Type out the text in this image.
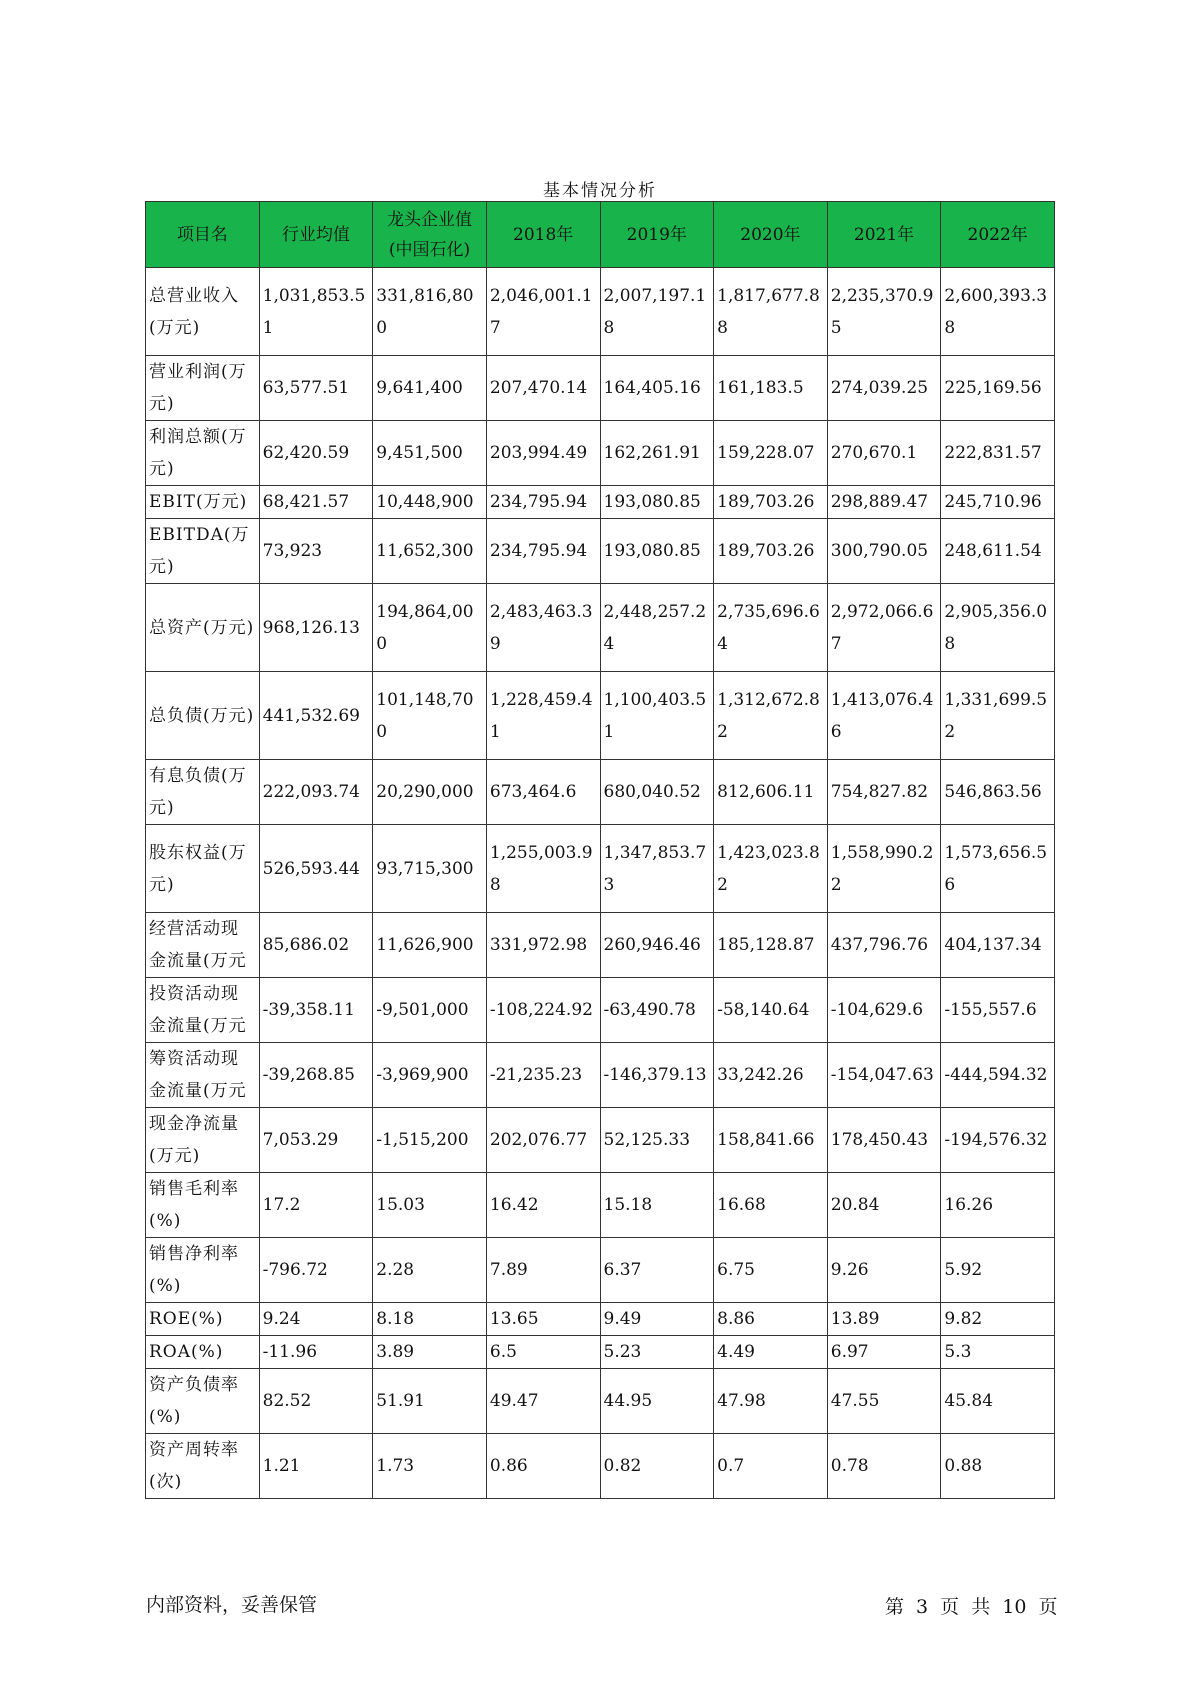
基本情况分析
项目名	行业均值	龙头企业值(中国石化)	2018年	2019年	2020年	2021年	2022年
总营业收入(万元)	1,031,853.51	331,816,800	2,046,001.17	2,007,197.18	1,817,677.88	2,235,370.95	2,600,393.38
营业利润(万元)	63,577.51	9,641,400	207,470.14	164,405.16	161,183.5	274,039.25	225,169.56
利润总额(万元)	62,420.59	9,451,500	203,994.49	162,261.91	159,228.07	270,670.1	222,831.57
EBIT(万元)	68,421.57	10,448,900	234,795.94	193,080.85	189,703.26	298,889.47	245,710.96
EBITDA(万元)	73,923	11,652,300	234,795.94	193,080.85	189,703.26	300,790.05	248,611.54
总资产(万元)	968,126.13	194,864,000	2,483,463.39	2,448,257.24	2,735,696.64	2,972,066.67	2,905,356.08
总负债(万元)	441,532.69	101,148,700	1,228,459.41	1,100,403.51	1,312,672.82	1,413,076.46	1,331,699.52
有息负债(万元)	222,093.74	20,290,000	673,464.6	680,040.52	812,606.11	754,827.82	546,863.56
股东权益(万元)	526,593.44	93,715,300	1,255,003.98	1,347,853.73	1,423,023.82	1,558,990.22	1,573,656.56
经营活动现金流量(万元	85,686.02	11,626,900	331,972.98	260,946.46	185,128.87	437,796.76	404,137.34
投资活动现金流量(万元	-39,358.11	-9,501,000	-108,224.92	-63,490.78	-58,140.64	-104,629.6	-155,557.6
筹资活动现金流量(万元	-39,268.85	-3,969,900	-21,235.23	-146,379.13	33,242.26	-154,047.63	-444,594.32
现金净流量(万元)	7,053.29	-1,515,200	202,076.77	52,125.33	158,841.66	178,450.43	-194,576.32
销售毛利率(%)	17.2	15.03	16.42	15.18	16.68	20.84	16.26
销售净利率(%)	-796.72	2.28	7.89	6.37	6.75	9.26	5.92
ROE(%)	9.24	8.18	13.65	9.49	8.86	13.89	9.82
ROA(%)	-11.96	3.89	6.5	5.23	4.49	6.97	5.3
资产负债率(%)	82.52	51.91	49.47	44.95	47.98	47.55	45.84
资产周转率(次)	1.21	1.73	0.86	0.82	0.7	0.78	0.88
内部资料，妥善保管	第 3 页 共 10 页
